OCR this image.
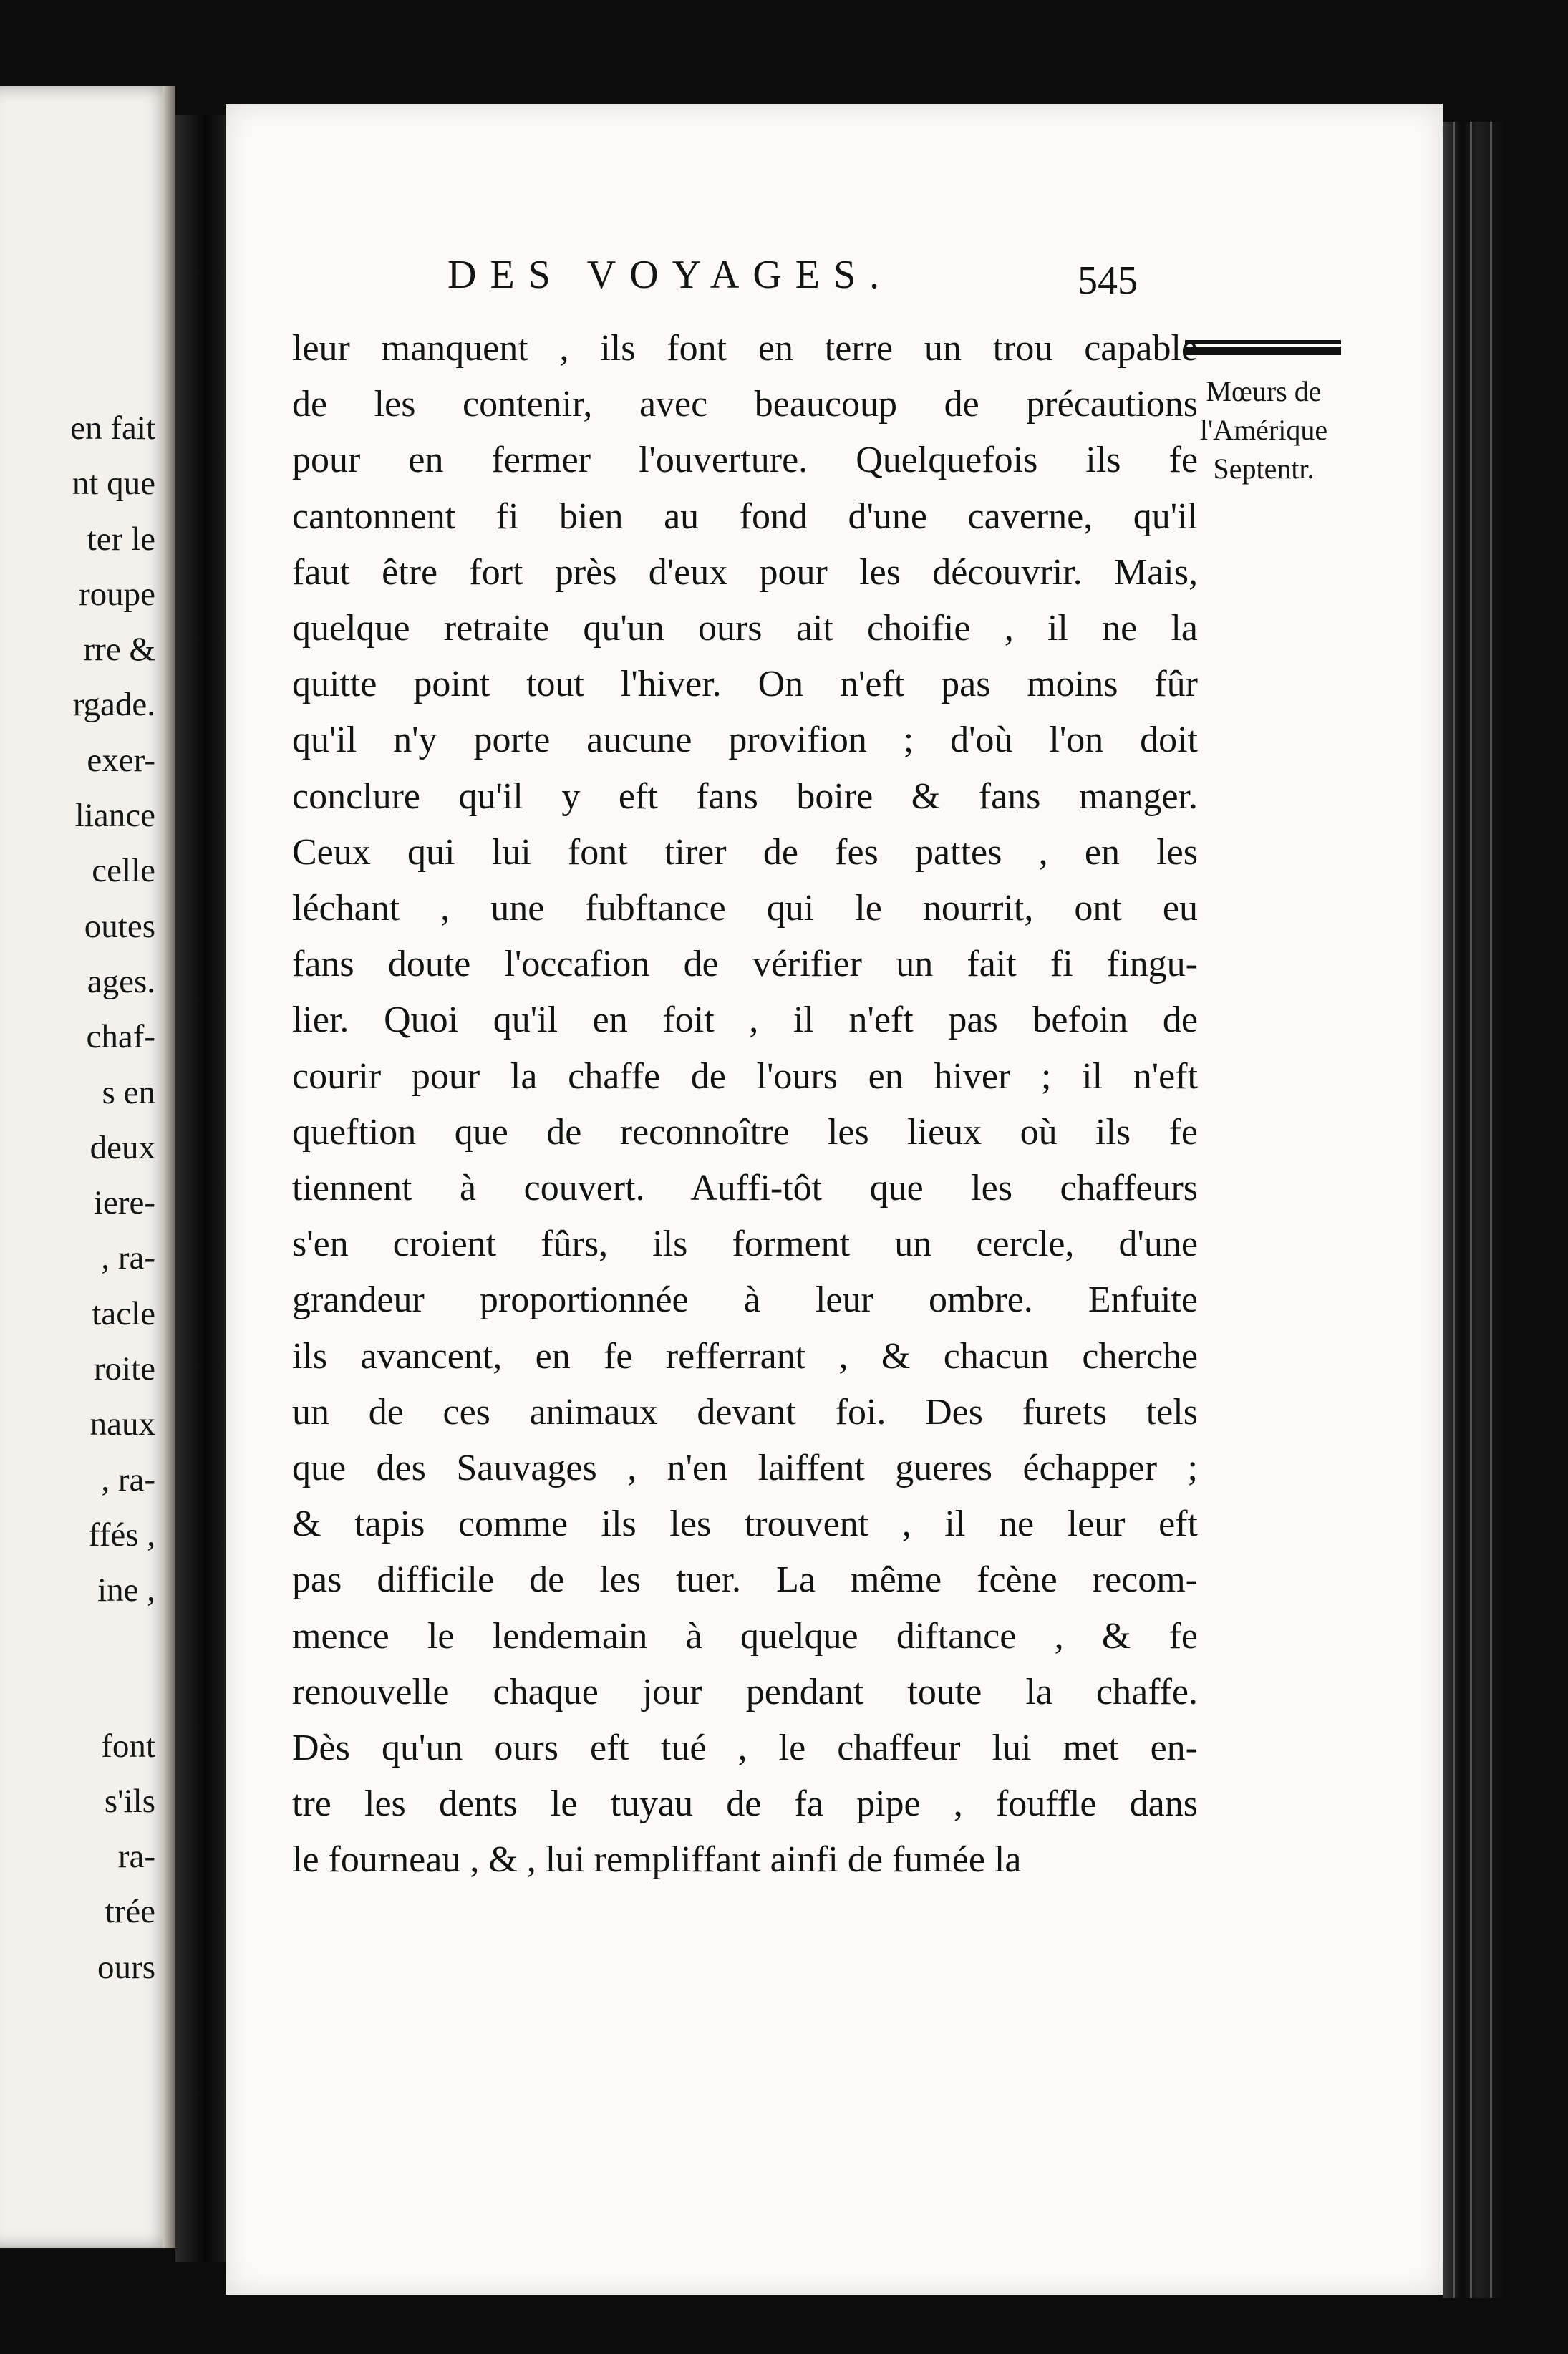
en fait
nt que
ter le
roupe
rre &
rgade.
exer-
liance
celle
outes
ages.
chaf-
s en
deux
iere-
, ra-
tacle
roite
naux
, ra-
ffés ,
ine ,
font
s'ils
ra-
trée
ours
DES VOYAGES.	545
Mœurs de
l'Amérique
Septentr.
leur manquent , ils font en terre un trou capable
de les contenir, avec beaucoup de précautions
pour en fermer l'ouverture. Quelquefois ils fe
cantonnent fi bien au fond d'une caverne, qu'il
faut être fort près d'eux pour les découvrir. Mais,
quelque retraite qu'un ours ait choifie , il ne la
quitte point tout l'hiver. On n'eft pas moins fûr
qu'il n'y porte aucune provifion ; d'où l'on doit
conclure qu'il y eft fans boire & fans manger.
Ceux qui lui font tirer de fes pattes , en les
léchant , une fubftance qui le nourrit, ont eu
fans doute l'occafion de vérifier un fait fi fingu-
lier. Quoi qu'il en foit , il n'eft pas befoin de
courir pour la chaffe de l'ours en hiver ; il n'eft
queftion que de reconnoître les lieux où ils fe
tiennent à couvert. Auffi-tôt que les chaffeurs
s'en croient fûrs, ils forment un cercle, d'une
grandeur proportionnée à leur ombre. Enfuite
ils avancent, en fe refferrant , & chacun cherche
un de ces animaux devant foi. Des furets tels
que des Sauvages , n'en laiffent gueres échapper ;
& tapis comme ils les trouvent , il ne leur eft
pas difficile de les tuer. La même fcène recom-
mence le lendemain à quelque diftance , & fe
renouvelle chaque jour pendant toute la chaffe.
Dès qu'un ours eft tué , le chaffeur lui met en-
tre les dents le tuyau de fa pipe , fouffle dans
le fourneau , & , lui rempliffant ainfi de fumée la
